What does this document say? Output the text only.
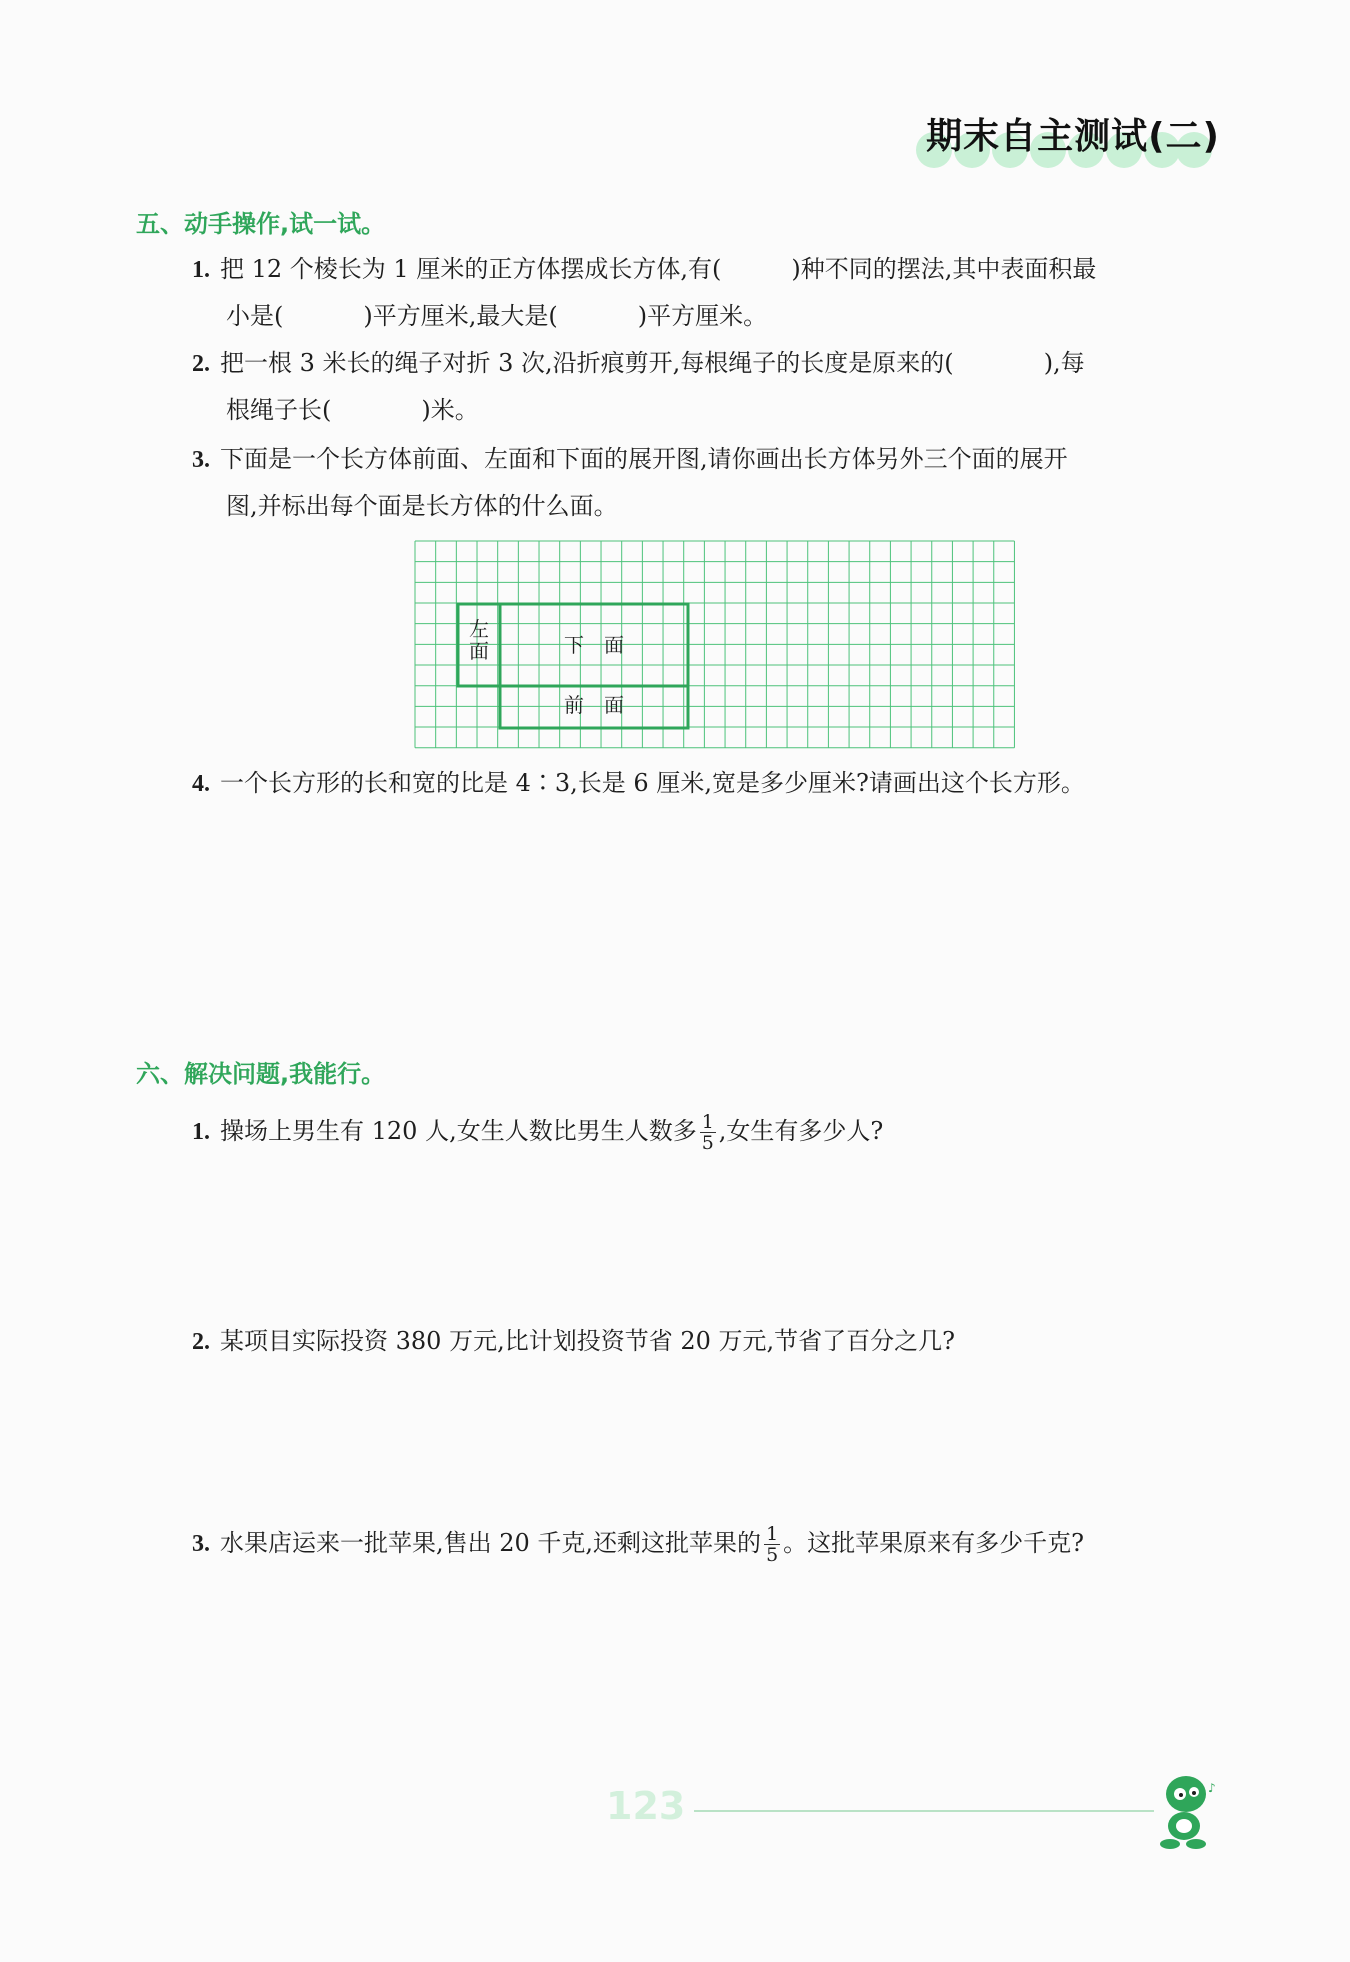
期末自主测试(二)
五、动手操作,试一试。
1. 把 12 个棱长为 1 厘米的正方体摆成长方体,有(	)种不同的摆法,其中表面积最
小是(	)平方厘米,最大是(	)平方厘米。
2. 把一根 3 米长的绳子对折 3 次,沿折痕剪开,每根绳子的长度是原来的(	),每
根绳子长(	)米。
3. 下面是一个长方体前面、左面和下面的展开图,请你画出长方体另外三个面的展开
图,并标出每个面是长方体的什么面。
左
面	下　面
前　面
4. 一个长方形的长和宽的比是 4∶3,长是 6 厘米,宽是多少厘米?请画出这个长方形。
六、解决问题,我能行。
1. 操场上男生有 120 人,女生人数比男生人数多 $\frac{1}{5}$ ,女生有多少人?
2. 某项目实际投资 380 万元,比计划投资节省 20 万元,节省了百分之几?
3. 水果店运来一批苹果,售出 20 千克,还剩这批苹果的 $\frac{1}{5}$ 。这批苹果原来有多少千克?
123	♪
